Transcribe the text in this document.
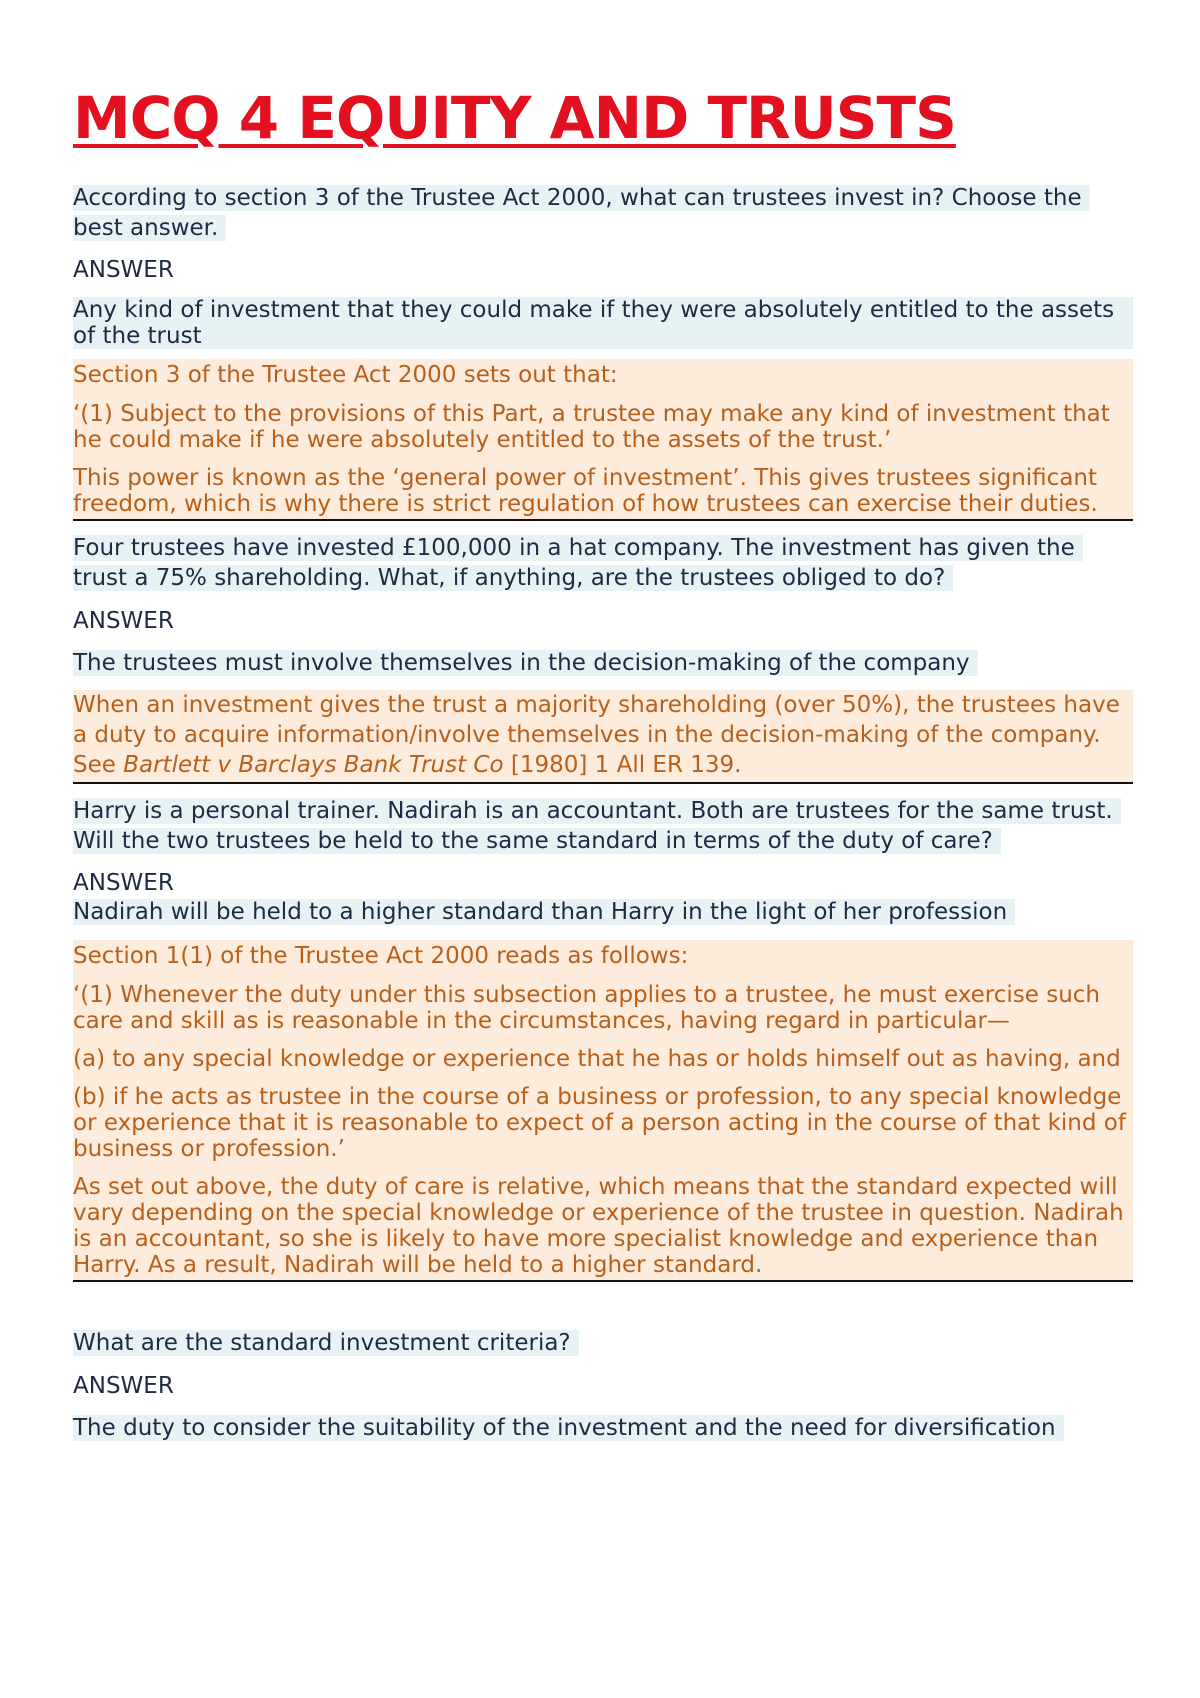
MCQ 4 EQUITY AND TRUSTS

According to section 3 of the Trustee Act 2000, what can trustees invest in? Choose the best answer.

ANSWER

Any kind of investment that they could make if they were absolutely entitled to the assets of the trust

Section 3 of the Trustee Act 2000 sets out that:

‘(1) Subject to the provisions of this Part, a trustee may make any kind of investment that he could make if he were absolutely entitled to the assets of the trust.’

This power is known as the ‘general power of investment’. This gives trustees significant freedom, which is why there is strict regulation of how trustees can exercise their duties.

Four trustees have invested £100,000 in a hat company. The investment has given the trust a 75% shareholding. What, if anything, are the trustees obliged to do?

ANSWER

The trustees must involve themselves in the decision-making of the company

When an investment gives the trust a majority shareholding (over 50%), the trustees have a duty to acquire information/involve themselves in the decision-making of the company. See Bartlett v Barclays Bank Trust Co [1980] 1 All ER 139.

Harry is a personal trainer. Nadirah is an accountant. Both are trustees for the same trust. Will the two trustees be held to the same standard in terms of the duty of care?

ANSWER

Nadirah will be held to a higher standard than Harry in the light of her profession

Section 1(1) of the Trustee Act 2000 reads as follows:

‘(1) Whenever the duty under this subsection applies to a trustee, he must exercise such care and skill as is reasonable in the circumstances, having regard in particular—

(a) to any special knowledge or experience that he has or holds himself out as having, and

(b) if he acts as trustee in the course of a business or profession, to any special knowledge or experience that it is reasonable to expect of a person acting in the course of that kind of business or profession.’

As set out above, the duty of care is relative, which means that the standard expected will vary depending on the special knowledge or experience of the trustee in question. Nadirah is an accountant, so she is likely to have more specialist knowledge and experience than Harry. As a result, Nadirah will be held to a higher standard.

What are the standard investment criteria?

ANSWER

The duty to consider the suitability of the investment and the need for diversification
